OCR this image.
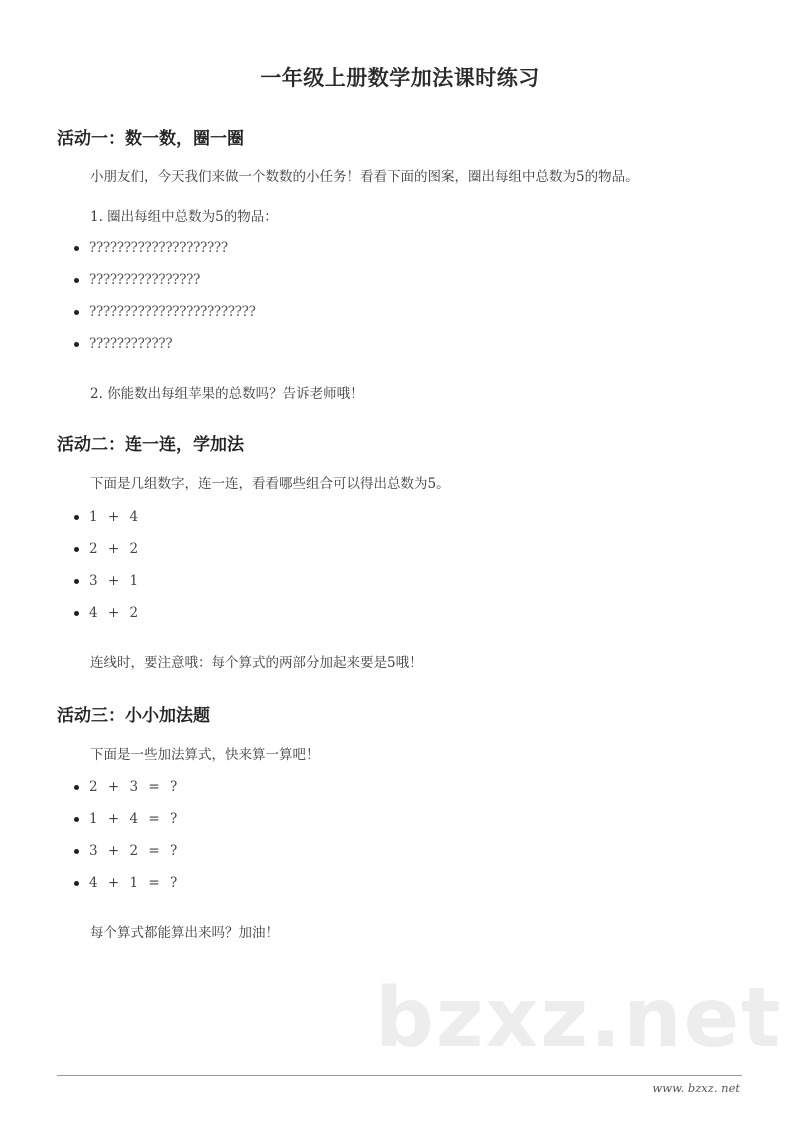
一年级上册数学加法课时练习
活动一：数一数，圈一圈
小朋友们，今天我们来做一个数数的小任务！看看下面的图案，圈出每组中总数为5的物品。
1. 圈出每组中总数为5的物品：
????????????????????
????????????????
????????????????????????
????????????
2. 你能数出每组苹果的总数吗？告诉老师哦！
活动二：连一连，学加法
下面是几组数字，连一连，看看哪些组合可以得出总数为5。
1 + 4
2 + 2
3 + 1
4 + 2
连线时，要注意哦：每个算式的两部分加起来要是5哦！
活动三：小小加法题
下面是一些加法算式，快来算一算吧！
2 + 3 = ?
1 + 4 = ?
3 + 2 = ?
4 + 1 = ?
每个算式都能算出来吗？加油！
bzxz.net
www. bzxz. net
